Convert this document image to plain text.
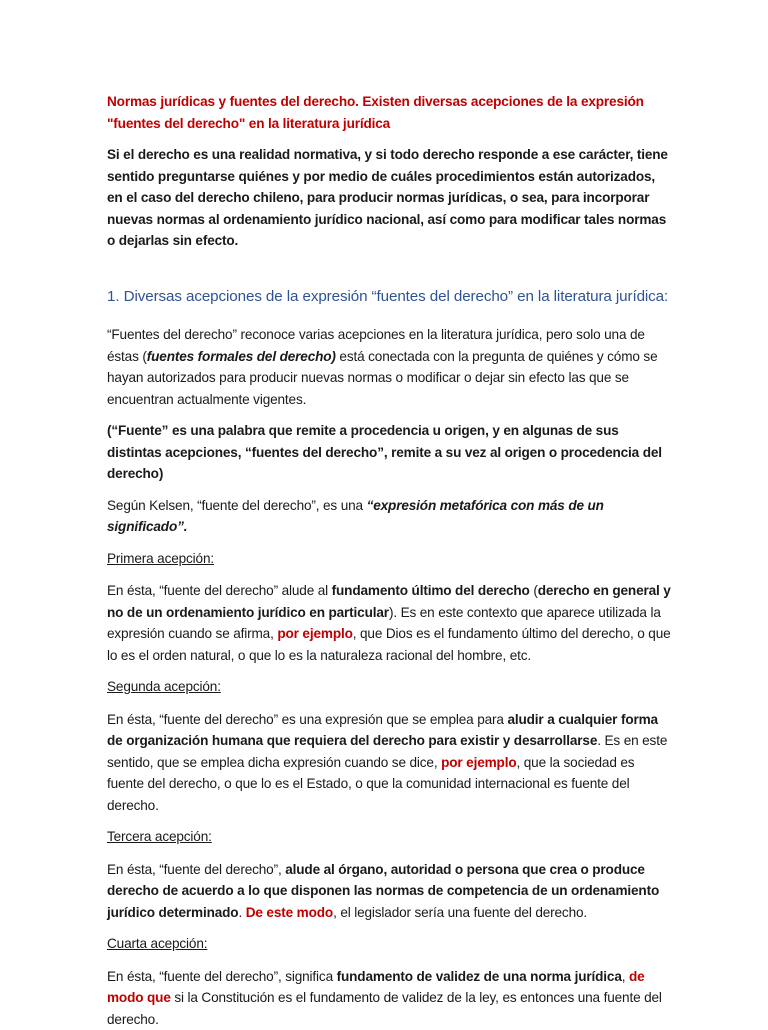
Normas jurídicas y fuentes del derecho. Existen diversas acepciones de la expresión "fuentes del derecho" en la literatura jurídica

Si el derecho es una realidad normativa, y si todo derecho responde a ese carácter, tiene sentido preguntarse quiénes y por medio de cuáles procedimientos están autorizados, en el caso del derecho chileno, para producir normas jurídicas, o sea, para incorporar nuevas normas al ordenamiento jurídico nacional, así como para modificar tales normas o dejarlas sin efecto.

1. Diversas acepciones de la expresión “fuentes del derecho” en la literatura jurídica:

“Fuentes del derecho” reconoce varias acepciones en la literatura jurídica, pero solo una de éstas (fuentes formales del derecho) está conectada con la pregunta de quiénes y cómo se hayan autorizados para producir nuevas normas o modificar o dejar sin efecto las que se encuentran actualmente vigentes.

(“Fuente” es una palabra que remite a procedencia u origen, y en algunas de sus distintas acepciones, “fuentes del derecho”, remite a su vez al origen o procedencia del derecho)

Según Kelsen, “fuente del derecho”, es una “expresión metafórica con más de un significado”.

Primera acepción:

En ésta, “fuente del derecho” alude al fundamento último del derecho (derecho en general y no de un ordenamiento jurídico en particular). Es en este contexto que aparece utilizada la expresión cuando se afirma, por ejemplo, que Dios es el fundamento último del derecho, o que lo es el orden natural, o que lo es la naturaleza racional del hombre, etc.

Segunda acepción:

En ésta, “fuente del derecho” es una expresión que se emplea para aludir a cualquier forma de organización humana que requiera del derecho para existir y desarrollarse. Es en este sentido, que se emplea dicha expresión cuando se dice, por ejemplo, que la sociedad es fuente del derecho, o que lo es el Estado, o que la comunidad internacional es fuente del derecho.

Tercera acepción:

En ésta, “fuente del derecho”, alude al órgano, autoridad o persona que crea o produce derecho de acuerdo a lo que disponen las normas de competencia de un ordenamiento jurídico determinado. De este modo, el legislador sería una fuente del derecho.

Cuarta acepción:

En ésta, “fuente del derecho”, significa fundamento de validez de una norma jurídica, de modo que si la Constitución es el fundamento de validez de la ley, es entonces una fuente del derecho.
